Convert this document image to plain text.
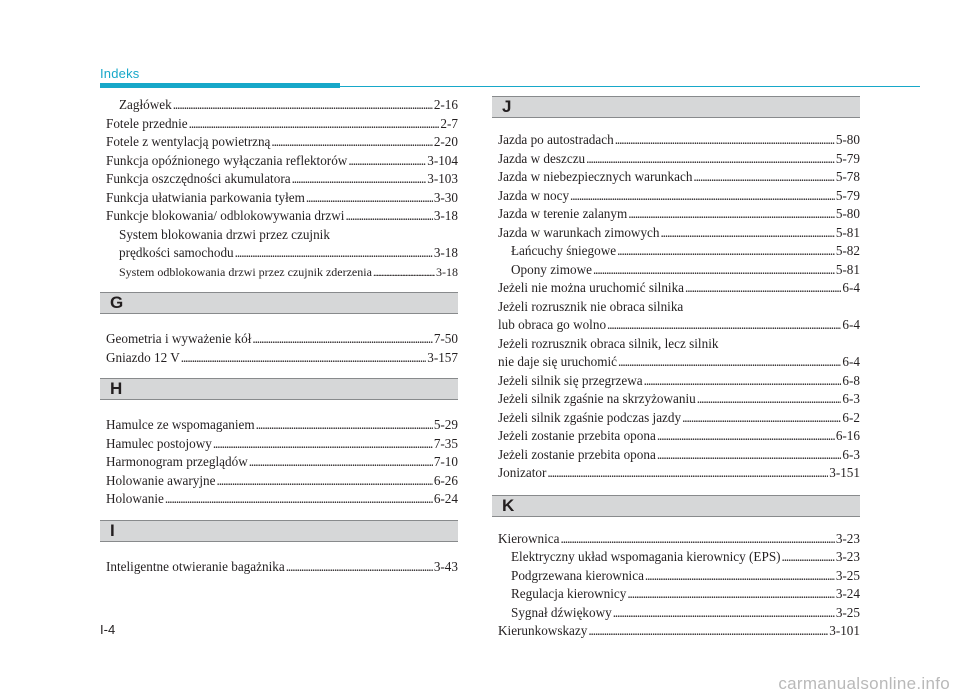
Indeks
Zagłówek . . .	2-16
Fotele przednie . . .	2-7
Fotele z wentylacją powietrzną . . .	2-20
Funkcja opóźnionego wyłączania reflektorów . . .	3-104
Funkcja oszczędności akumulatora . . .	3-103
Funkcja ułatwiania parkowania tyłem . . .	3-30
Funkcje blokowania/ odblokowywania drzwi . . .	3-18
System blokowania drzwi przez czujnik
prędkości samochodu . . .	3-18
System odblokowania drzwi przez czujnik zderzenia . . .	3-18
G
Geometria i wyważenie kół . . .	7-50
Gniazdo 12 V . . .	3-157
H
Hamulce ze wspomaganiem . . .	5-29
Hamulec postojowy . . .	7-35
Harmonogram przeglądów . . .	7-10
Holowanie awaryjne . . .	6-26
Holowanie . . .	6-24
I
Inteligentne otwieranie bagażnika . . .	3-43
J
Jazda po autostradach . . .	5-80
Jazda w deszczu . . .	5-79
Jazda w niebezpiecznych warunkach . . .	5-78
Jazda w nocy . . .	5-79
Jazda w terenie zalanym . . .	5-80
Jazda w warunkach zimowych . . .	5-81
Łańcuchy śniegowe . . .	5-82
Opony zimowe . . .	5-81
Jeżeli nie można uruchomić silnika . . .	6-4
Jeżeli rozrusznik nie obraca silnika
lub obraca go wolno . . .	6-4
Jeżeli rozrusznik obraca silnik, lecz silnik
nie daje się uruchomić . . .	6-4
Jeżeli silnik się przegrzewa . . .	6-8
Jeżeli silnik zgaśnie na skrzyżowaniu . . .	6-3
Jeżeli silnik zgaśnie podczas jazdy . . .	6-2
Jeżeli zostanie przebita opona . . .	6-16
Jeżeli zostanie przebita opona . . .	6-3
Jonizator . . .	3-151
K
Kierownica . . .	3-23
Elektryczny układ wspomagania kierownicy (EPS) . . .	3-23
Podgrzewana kierownica . . .	3-25
Regulacja kierownicy . . .	3-24
Sygnał dźwiękowy . . .	3-25
Kierunkowskazy . . .	3-101
I-4
carmanualsonline.info
